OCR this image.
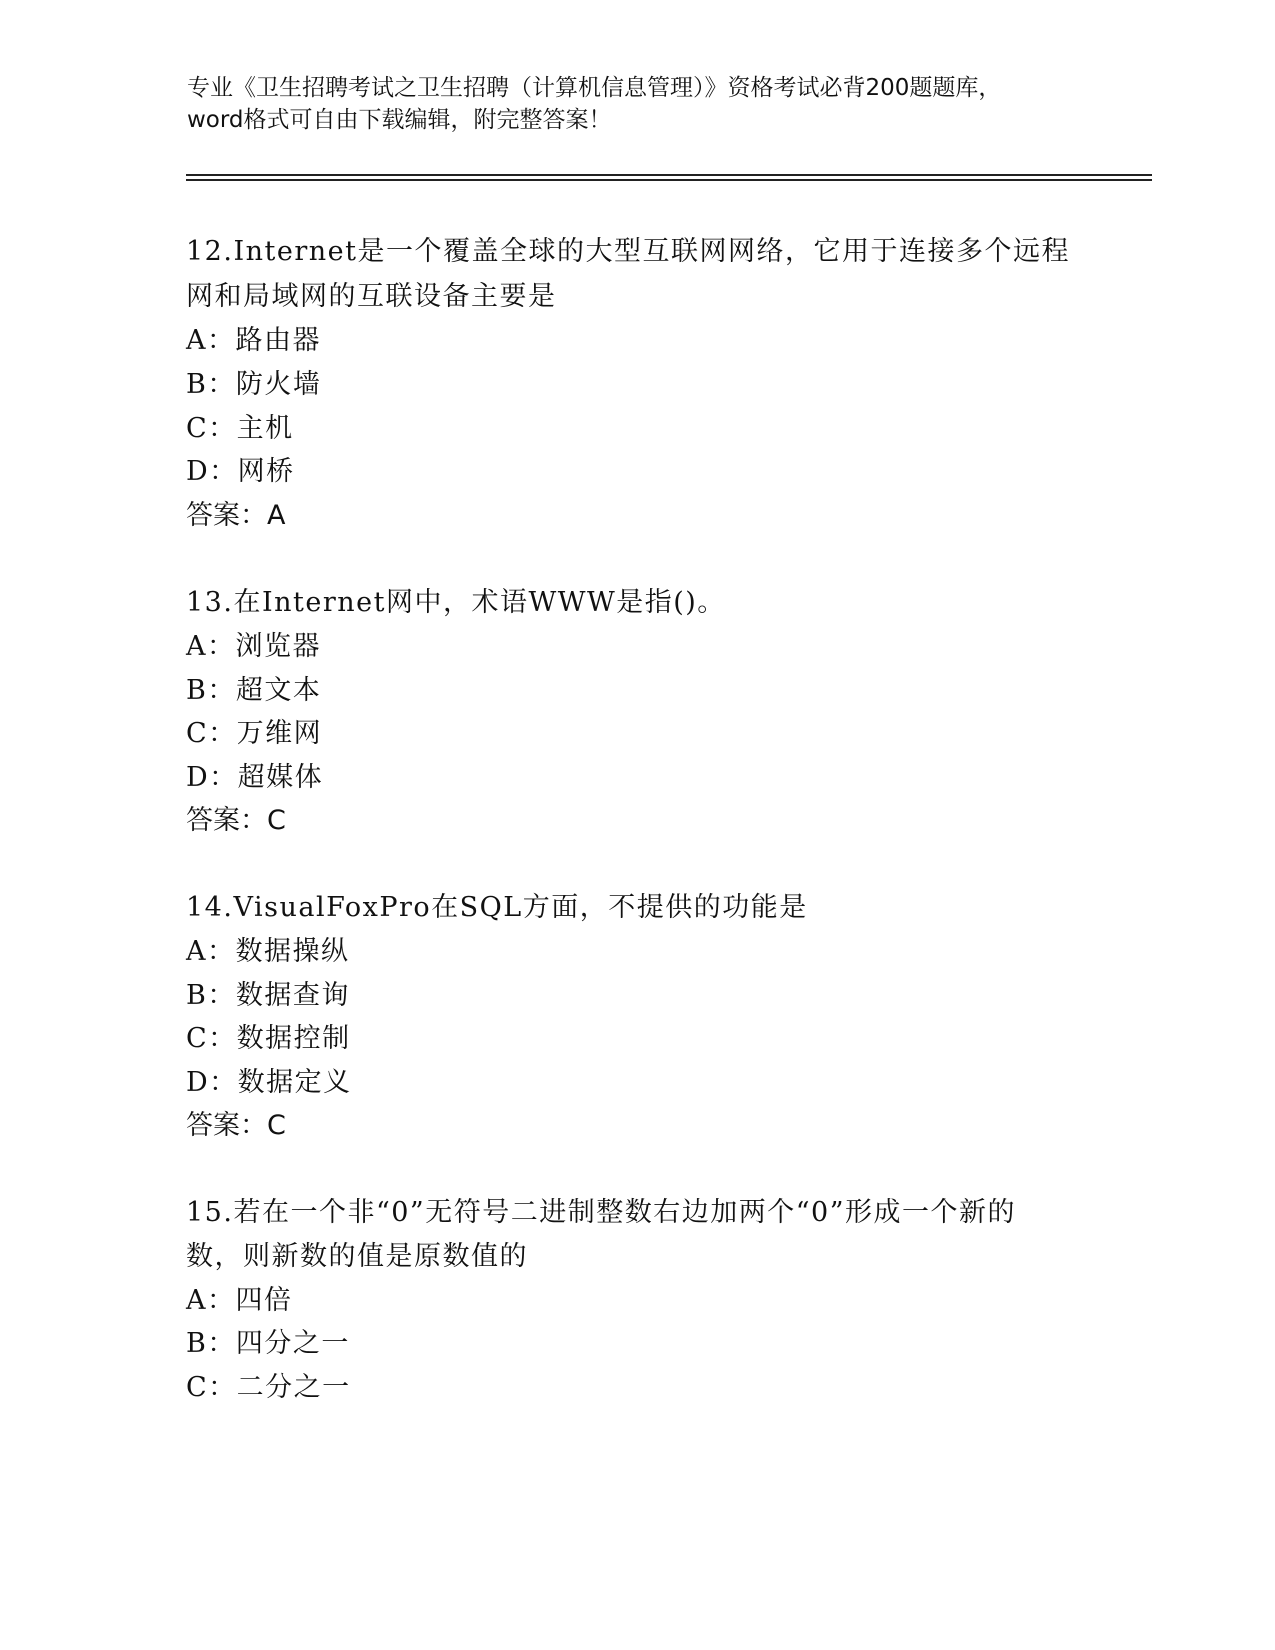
专业《卫生招聘考试之卫生招聘（计算机信息管理）》资格考试必背200题题库，
word格式可自由下载编辑，附完整答案！
12.Internet是一个覆盖全球的大型互联网网络，它用于连接多个远程
网和局域网的互联设备主要是
A：路由器
B：防火墙
C：主机
D：网桥
答案：A
13.在Internet网中，术语WWW是指()。
A：浏览器
B：超文本
C：万维网
D：超媒体
答案：C
14.VisualFoxPro在SQL方面，不提供的功能是
A：数据操纵
B：数据查询
C：数据控制
D：数据定义
答案：C
15.若在一个非“0”无符号二进制整数右边加两个“0”形成一个新的
数，则新数的值是原数值的
A：四倍
B：四分之一
C：二分之一
